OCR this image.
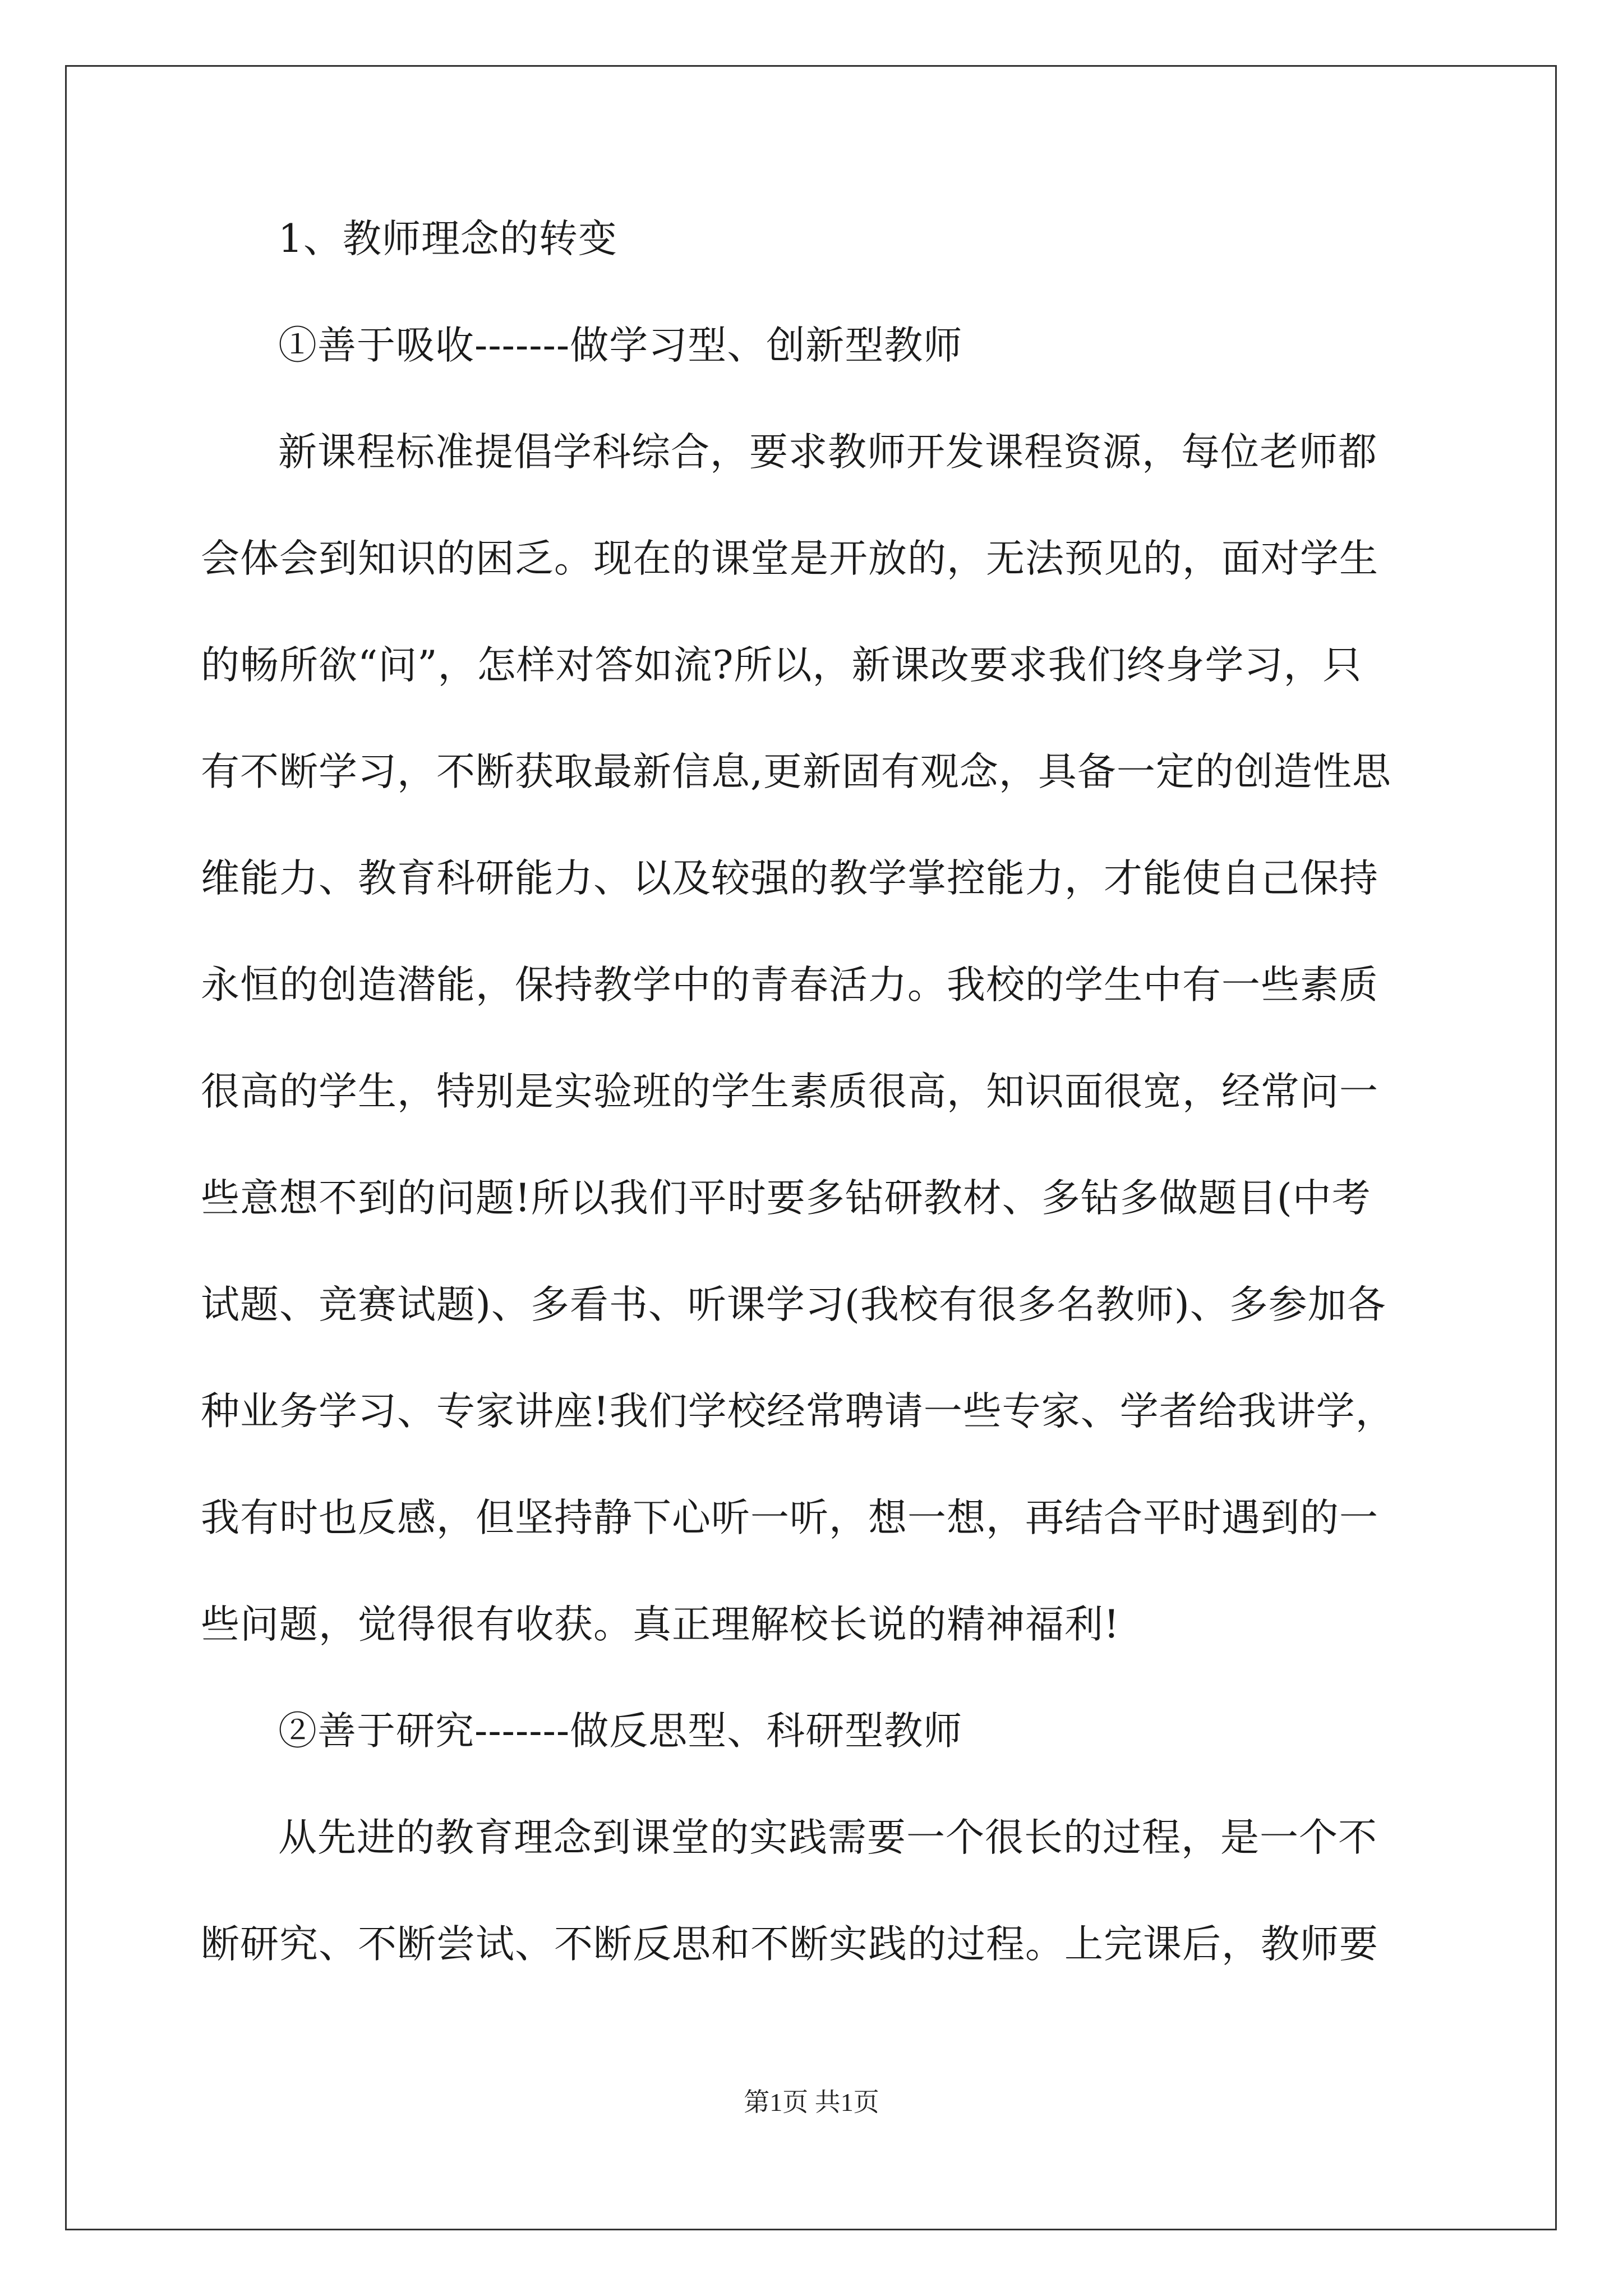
1、教师理念的转变
①善于吸收-------做学习型、创新型教师
新课程标准提倡学科综合，要求教师开发课程资源，每位老师都
会体会到知识的困乏。现在的课堂是开放的，无法预见的，面对学生
的畅所欲“问”，怎样对答如流?所以，新课改要求我们终身学习，只
有不断学习，不断获取最新信息,更新固有观念，具备一定的创造性思
维能力、教育科研能力、以及较强的教学掌控能力，才能使自己保持
永恒的创造潜能，保持教学中的青春活力。我校的学生中有一些素质
很高的学生，特别是实验班的学生素质很高，知识面很宽，经常问一
些意想不到的问题!所以我们平时要多钻研教材、多钻多做题目(中考
试题、竞赛试题)、多看书、听课学习(我校有很多名教师)、多参加各
种业务学习、专家讲座!我们学校经常聘请一些专家、学者给我讲学，
我有时也反感，但坚持静下心听一听，想一想，再结合平时遇到的一
些问题，觉得很有收获。真正理解校长说的精神福利!
②善于研究-------做反思型、科研型教师
从先进的教育理念到课堂的实践需要一个很长的过程，是一个不
断研究、不断尝试、不断反思和不断实践的过程。上完课后，教师要
第1页 共1页
